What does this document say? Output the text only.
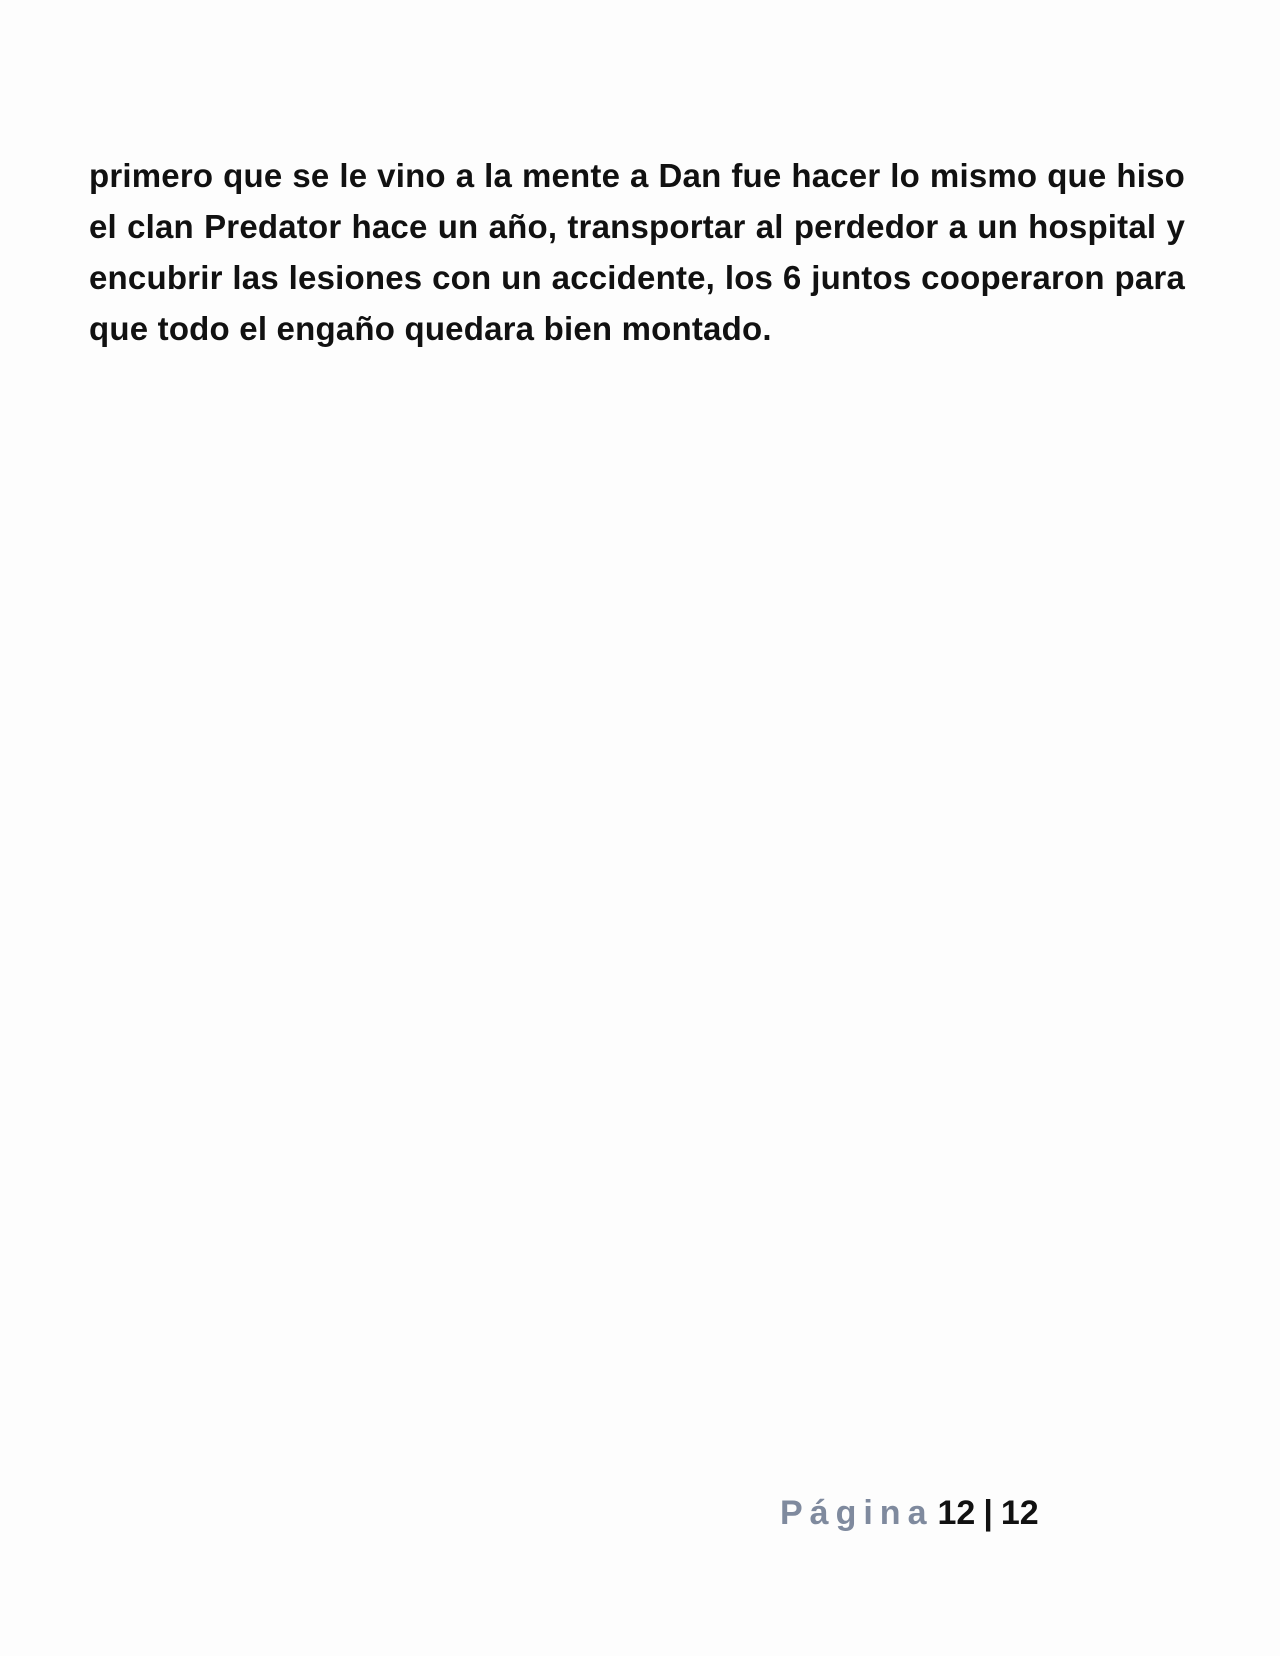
primero que se le vino a la mente a Dan fue hacer lo mismo que hiso el clan Predator hace un año, transportar al perdedor a un hospital y encubrir las lesiones con un accidente, los 6 juntos cooperaron para que todo el engaño quedara bien montado.

Página 12 | 12
